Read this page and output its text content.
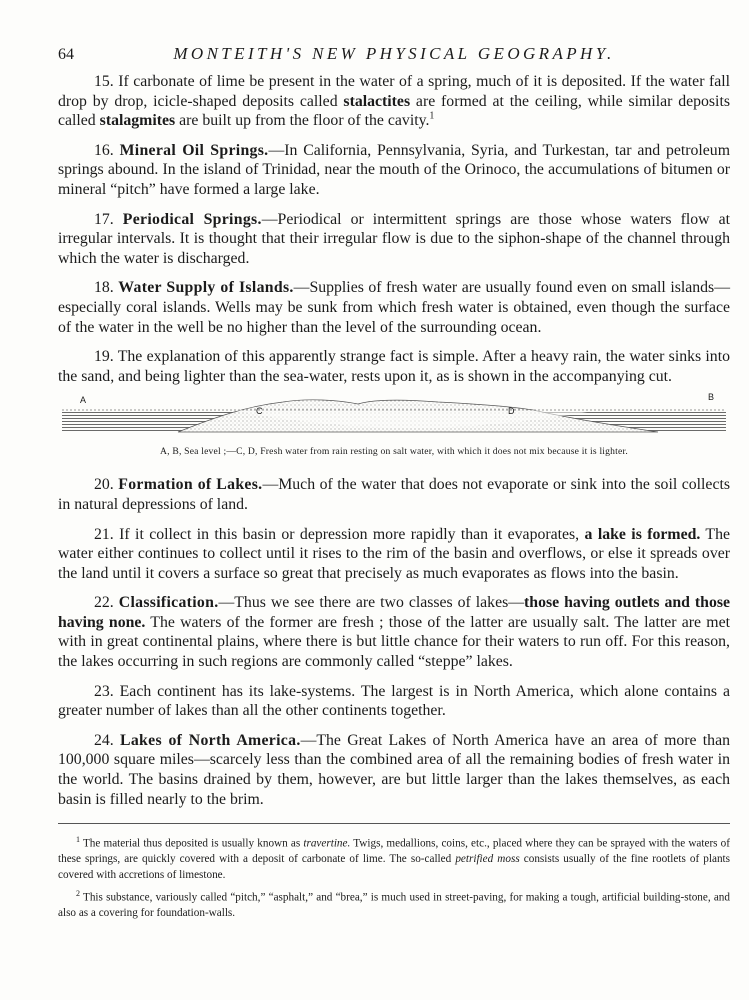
64	MONTEITH'S NEW PHYSICAL GEOGRAPHY.

15. If carbonate of lime be present in the water of a spring, much of it is deposited. If the water fall drop by drop, icicle-shaped deposits called stalactites are formed at the ceiling, while similar deposits called stalagmites are built up from the floor of the cavity.$^1$

16. Mineral Oil Springs.—In California, Pennsylvania, Syria, and Turkestan, tar and petroleum springs abound. In the island of Trinidad, near the mouth of the Orinoco, the accumulations of bitumen or mineral “pitch” have formed a large lake.

17. Periodical Springs.—Periodical or intermittent springs are those whose waters flow at irregular intervals. It is thought that their irregular flow is due to the siphon-shape of the channel through which the water is discharged.

18. Water Supply of Islands.—Supplies of fresh water are usually found even on small islands—especially coral islands. Wells may be sunk from which fresh water is obtained, even though the surface of the water in the well be no higher than the level of the surrounding ocean.

19. The explanation of this apparently strange fact is simple. After a heavy rain, the water sinks into the sand, and being lighter than the sea-water, rests upon it, as is shown in the accompanying cut.

A	B
C	D
A, B, Sea level ;—C, D, Fresh water from rain resting on salt water, with which it does not mix because it is lighter.

20. Formation of Lakes.—Much of the water that does not evaporate or sink into the soil collects in natural depressions of land.

21. If it collect in this basin or depression more rapidly than it evaporates, a lake is formed. The water either continues to collect until it rises to the rim of the basin and overflows, or else it spreads over the land until it covers a surface so great that precisely as much evaporates as flows into the basin.

22. Classification.—Thus we see there are two classes of lakes—those having outlets and those having none. The waters of the former are fresh ; those of the latter are usually salt. The latter are met with in great continental plains, where there is but little chance for their waters to run off. For this reason, the lakes occurring in such regions are commonly called “steppe” lakes.

23. Each continent has its lake-systems. The largest is in North America, which alone contains a greater number of lakes than all the other continents together.

24. Lakes of North America.—The Great Lakes of North America have an area of more than 100,000 square miles—scarcely less than the combined area of all the remaining bodies of fresh water in the world. The basins drained by them, however, are but little larger than the lakes themselves, as each basin is filled nearly to the brim.

$^1$ The material thus deposited is usually known as travertine. Twigs, medallions, coins, etc., placed where they can be sprayed with the waters of these springs, are quickly covered with a deposit of carbonate of lime. The so-called petrified moss consists usually of the fine rootlets of plants covered with accretions of limestone.

$^2$ This substance, variously called “pitch,” “asphalt,” and “brea,” is much used in street-paving, for making a tough, artificial building-stone, and also as a covering for foundation-walls.
